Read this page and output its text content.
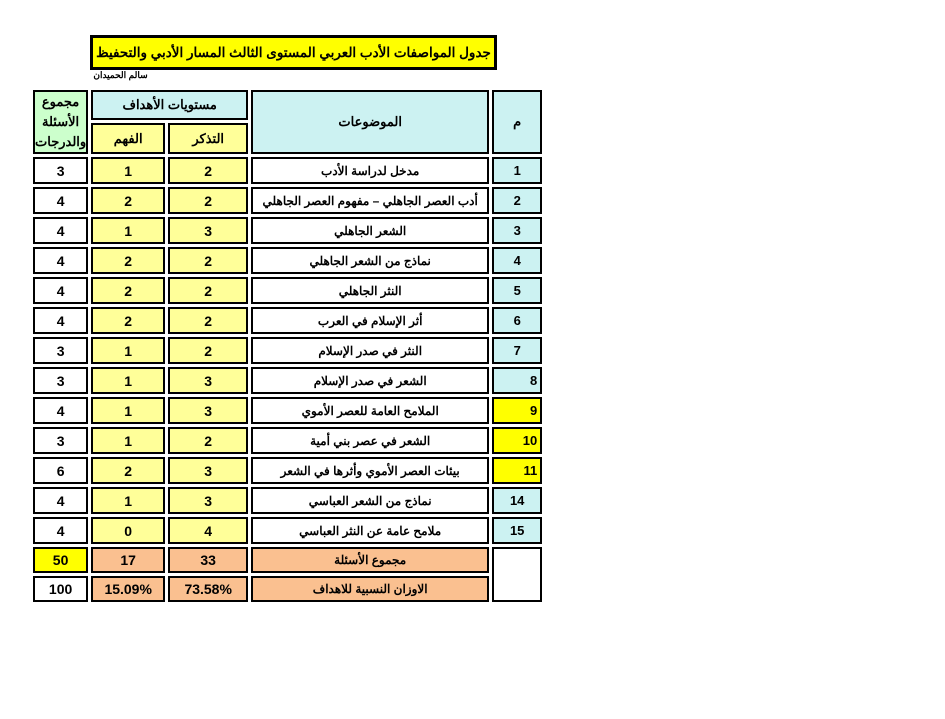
جدول المواصفات الأدب العربي المستوى الثالث المسار الأدبي والتحفيظ
سالم الحميدان
م	الموضوعات	مستويات الأهداف		مجموع
الأسئلة
والدرجات
		التذكر	الفهم	
1	مدخل لدراسة الأدب	2	1	3
2	أدب العصر الجاهلي – مفهوم العصر الجاهلي	2	2	4
3	الشعر الجاهلي	3	1	4
4	نماذج من الشعر الجاهلي	2	2	4
5	النثر الجاهلي	2	2	4
6	أثر الإسلام في العرب	2	2	4
7	النثر في صدر الإسلام	2	1	3
8	الشعر في صدر الإسلام	3	1	3
9	الملامح العامة للعصر الأموي	3	1	4
10	الشعر في عصر بني أمية	2	1	3
11	بيئات العصر الأموي وأثرها في الشعر	3	2	6
14	نماذج من الشعر العباسي	3	1	4
15	ملامح عامة عن النثر العباسي	4	0	4
	مجموع الأسئلة	33	17	50
	الاوزان النسبية للاهداف	73.58%	15.09%	100
